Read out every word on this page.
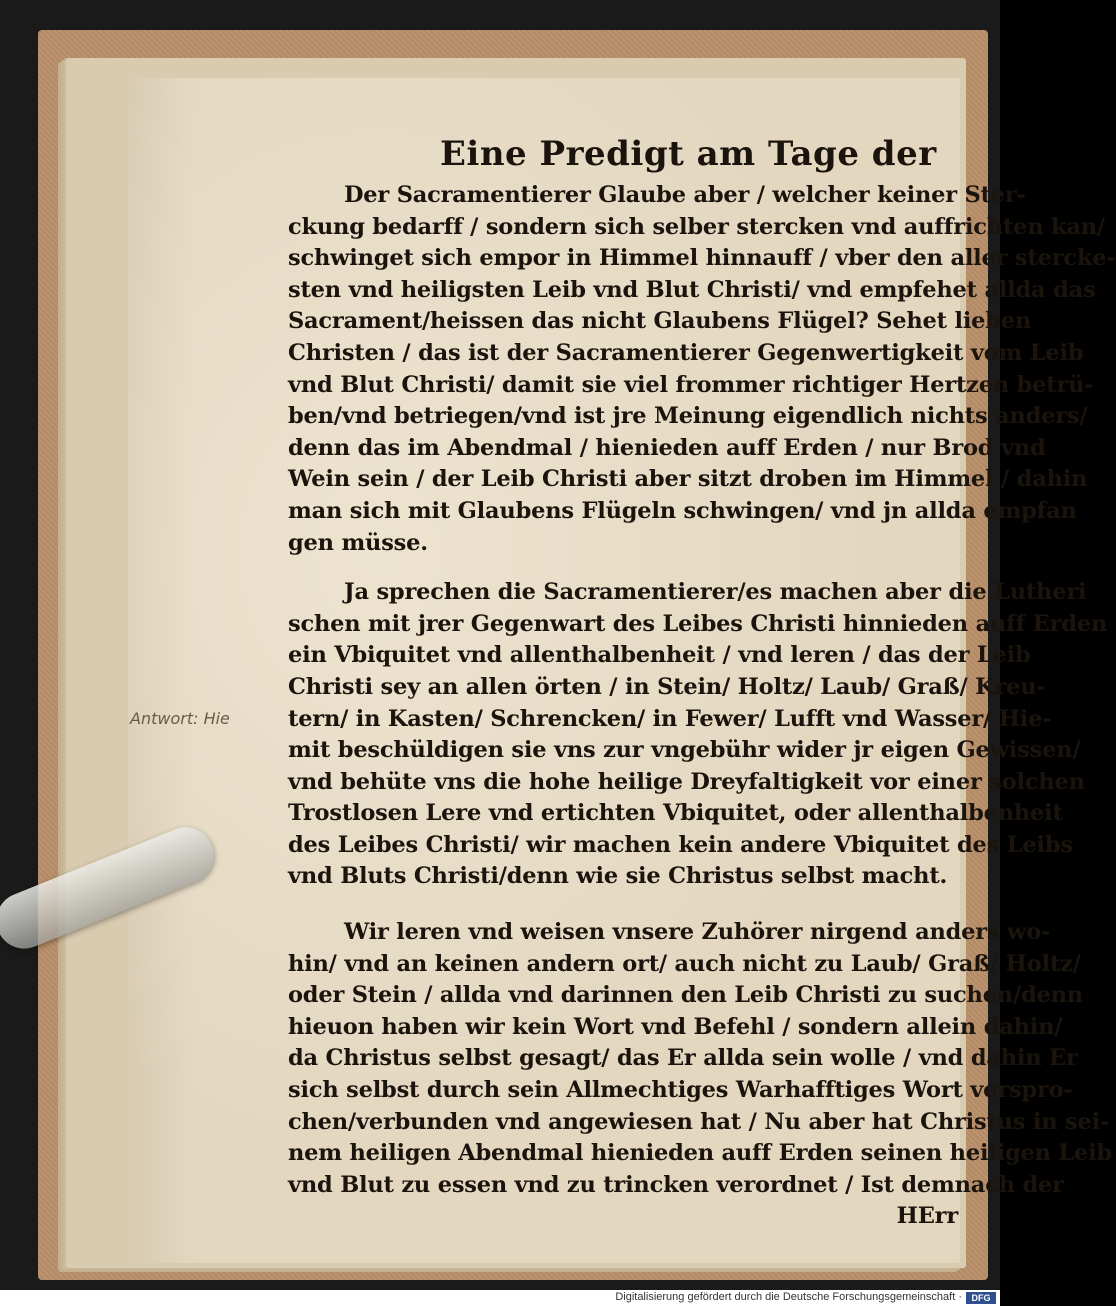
Eine Predigt am Tage der
Antwort: Hie
Der Sacramentierer Glaube aber / welcher keiner Ster-
ckung bedarff / sondern sich selber stercken vnd auffrichten kan/
schwinget sich empor in Himmel hinnauff / vber den aller stercke-
sten vnd heiligsten Leib vnd Blut Christi/ vnd empfehet allda das
Sacrament/heissen das nicht Glaubens Flügel? Sehet lieben
Christen / das ist der Sacramentierer Gegenwertigkeit vom Leib
vnd Blut Christi/ damit sie viel frommer richtiger Hertzen betrü-
ben/vnd betriegen/vnd ist jre Meinung eigendlich nichts anders/
denn das im Abendmal / hienieden auff Erden / nur Brod vnd
Wein sein / der Leib Christi aber sitzt droben im Himmel / dahin
man sich mit Glaubens Flügeln schwingen/ vnd jn allda empfan
gen müsse.
Ja sprechen die Sacramentierer/es machen aber die Lutheri
schen mit jrer Gegenwart des Leibes Christi hinnieden auff Erden
ein Vbiquitet vnd allenthalbenheit / vnd leren / das der Leib
Christi sey an allen örten / in Stein/ Holtz/ Laub/ Graß/ Kreu-
tern/ in Kasten/ Schrencken/ in Fewer/ Lufft vnd Wasser/ Hie-
mit beschüldigen sie vns zur vngebühr wider jr eigen Gewissen/
vnd behüte vns die hohe heilige Dreyfaltigkeit vor einer solchen
Trostlosen Lere vnd ertichten Vbiquitet, oder allenthalbenheit
des Leibes Christi/ wir machen kein andere Vbiquitet des Leibs
vnd Bluts Christi/denn wie sie Christus selbst macht.
Wir leren vnd weisen vnsere Zuhörer nirgend anders wo-
hin/ vnd an keinen andern ort/ auch nicht zu Laub/ Graß/ Holtz/
oder Stein / allda vnd darinnen den Leib Christi zu suchen/denn
hieuon haben wir kein Wort vnd Befehl / sondern allein dahin/
da Christus selbst gesagt/ das Er allda sein wolle / vnd dahin Er
sich selbst durch sein Allmechtiges Warhafftiges Wort verspro-
chen/verbunden vnd angewiesen hat / Nu aber hat Christus in sei-
nem heiligen Abendmal hienieden auff Erden seinen heiligen Leib
vnd Blut zu essen vnd zu trincken verordnet / Ist demnach der
HErr
Digitalisierung gefördert durch die Deutsche Forschungsgemeinschaft ·	DFG
